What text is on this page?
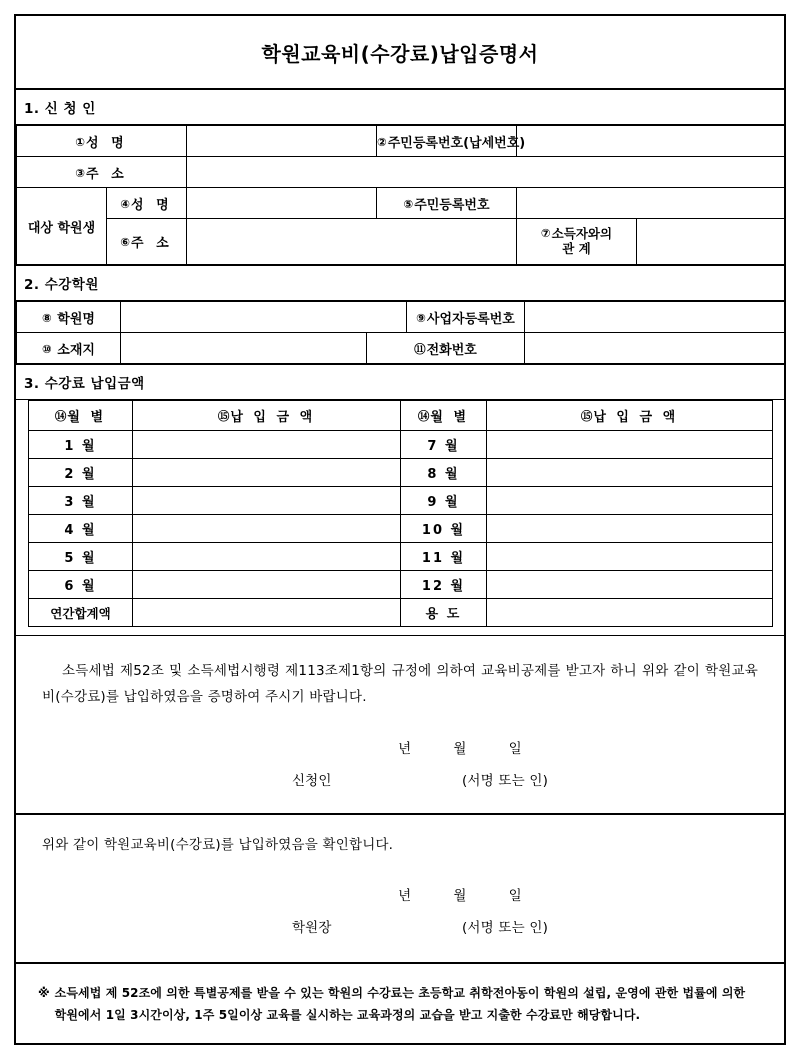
학원교육비(수강료)납입증명서
1. 신 청 인
①성 명			②주민등록번호(납세번호)		
③주 소					
대상 학원생	④성 명		⑤주민등록번호		
	⑥주 소			⑦소득자와의
관 계	
2. 수강학원
⑧ 학원명			⑨사업자등록번호	
⑩ 소재지		⑪전화번호		
3. 수강료 납입금액
⑭월 별	⑮납 입 금 액	⑭월 별	⑮납 입 금 액
1 월		7 월	
2 월		8 월	
3 월		9 월	
4 월		10 월	
5 월		11 월	
6 월		12 월	
연간합계액		용 도	
소득세법 제52조 및 소득세법시행령 제113조제1항의 규정에 의하여 교육비공제를 받고자 하니 위와 같이 학원교육비(수강료)를 납입하였음을 증명하여 주시기 바랍니다.
년	월	일
신청인	(서명 또는 인)
위와 같이 학원교육비(수강료)를 납입하였음을 확인합니다.
년	월	일
학원장	(서명 또는 인)
※ 소득세법 제 52조에 의한 특별공제를 받을 수 있는 학원의 수강료는 초등학교 취학전아동이 학원의 설립, 운영에 관한 법률에 의한 학원에서 1일 3시간이상, 1주 5일이상 교육를 실시하는 교육과정의 교습을 받고 지출한 수강료만 해당합니다.
